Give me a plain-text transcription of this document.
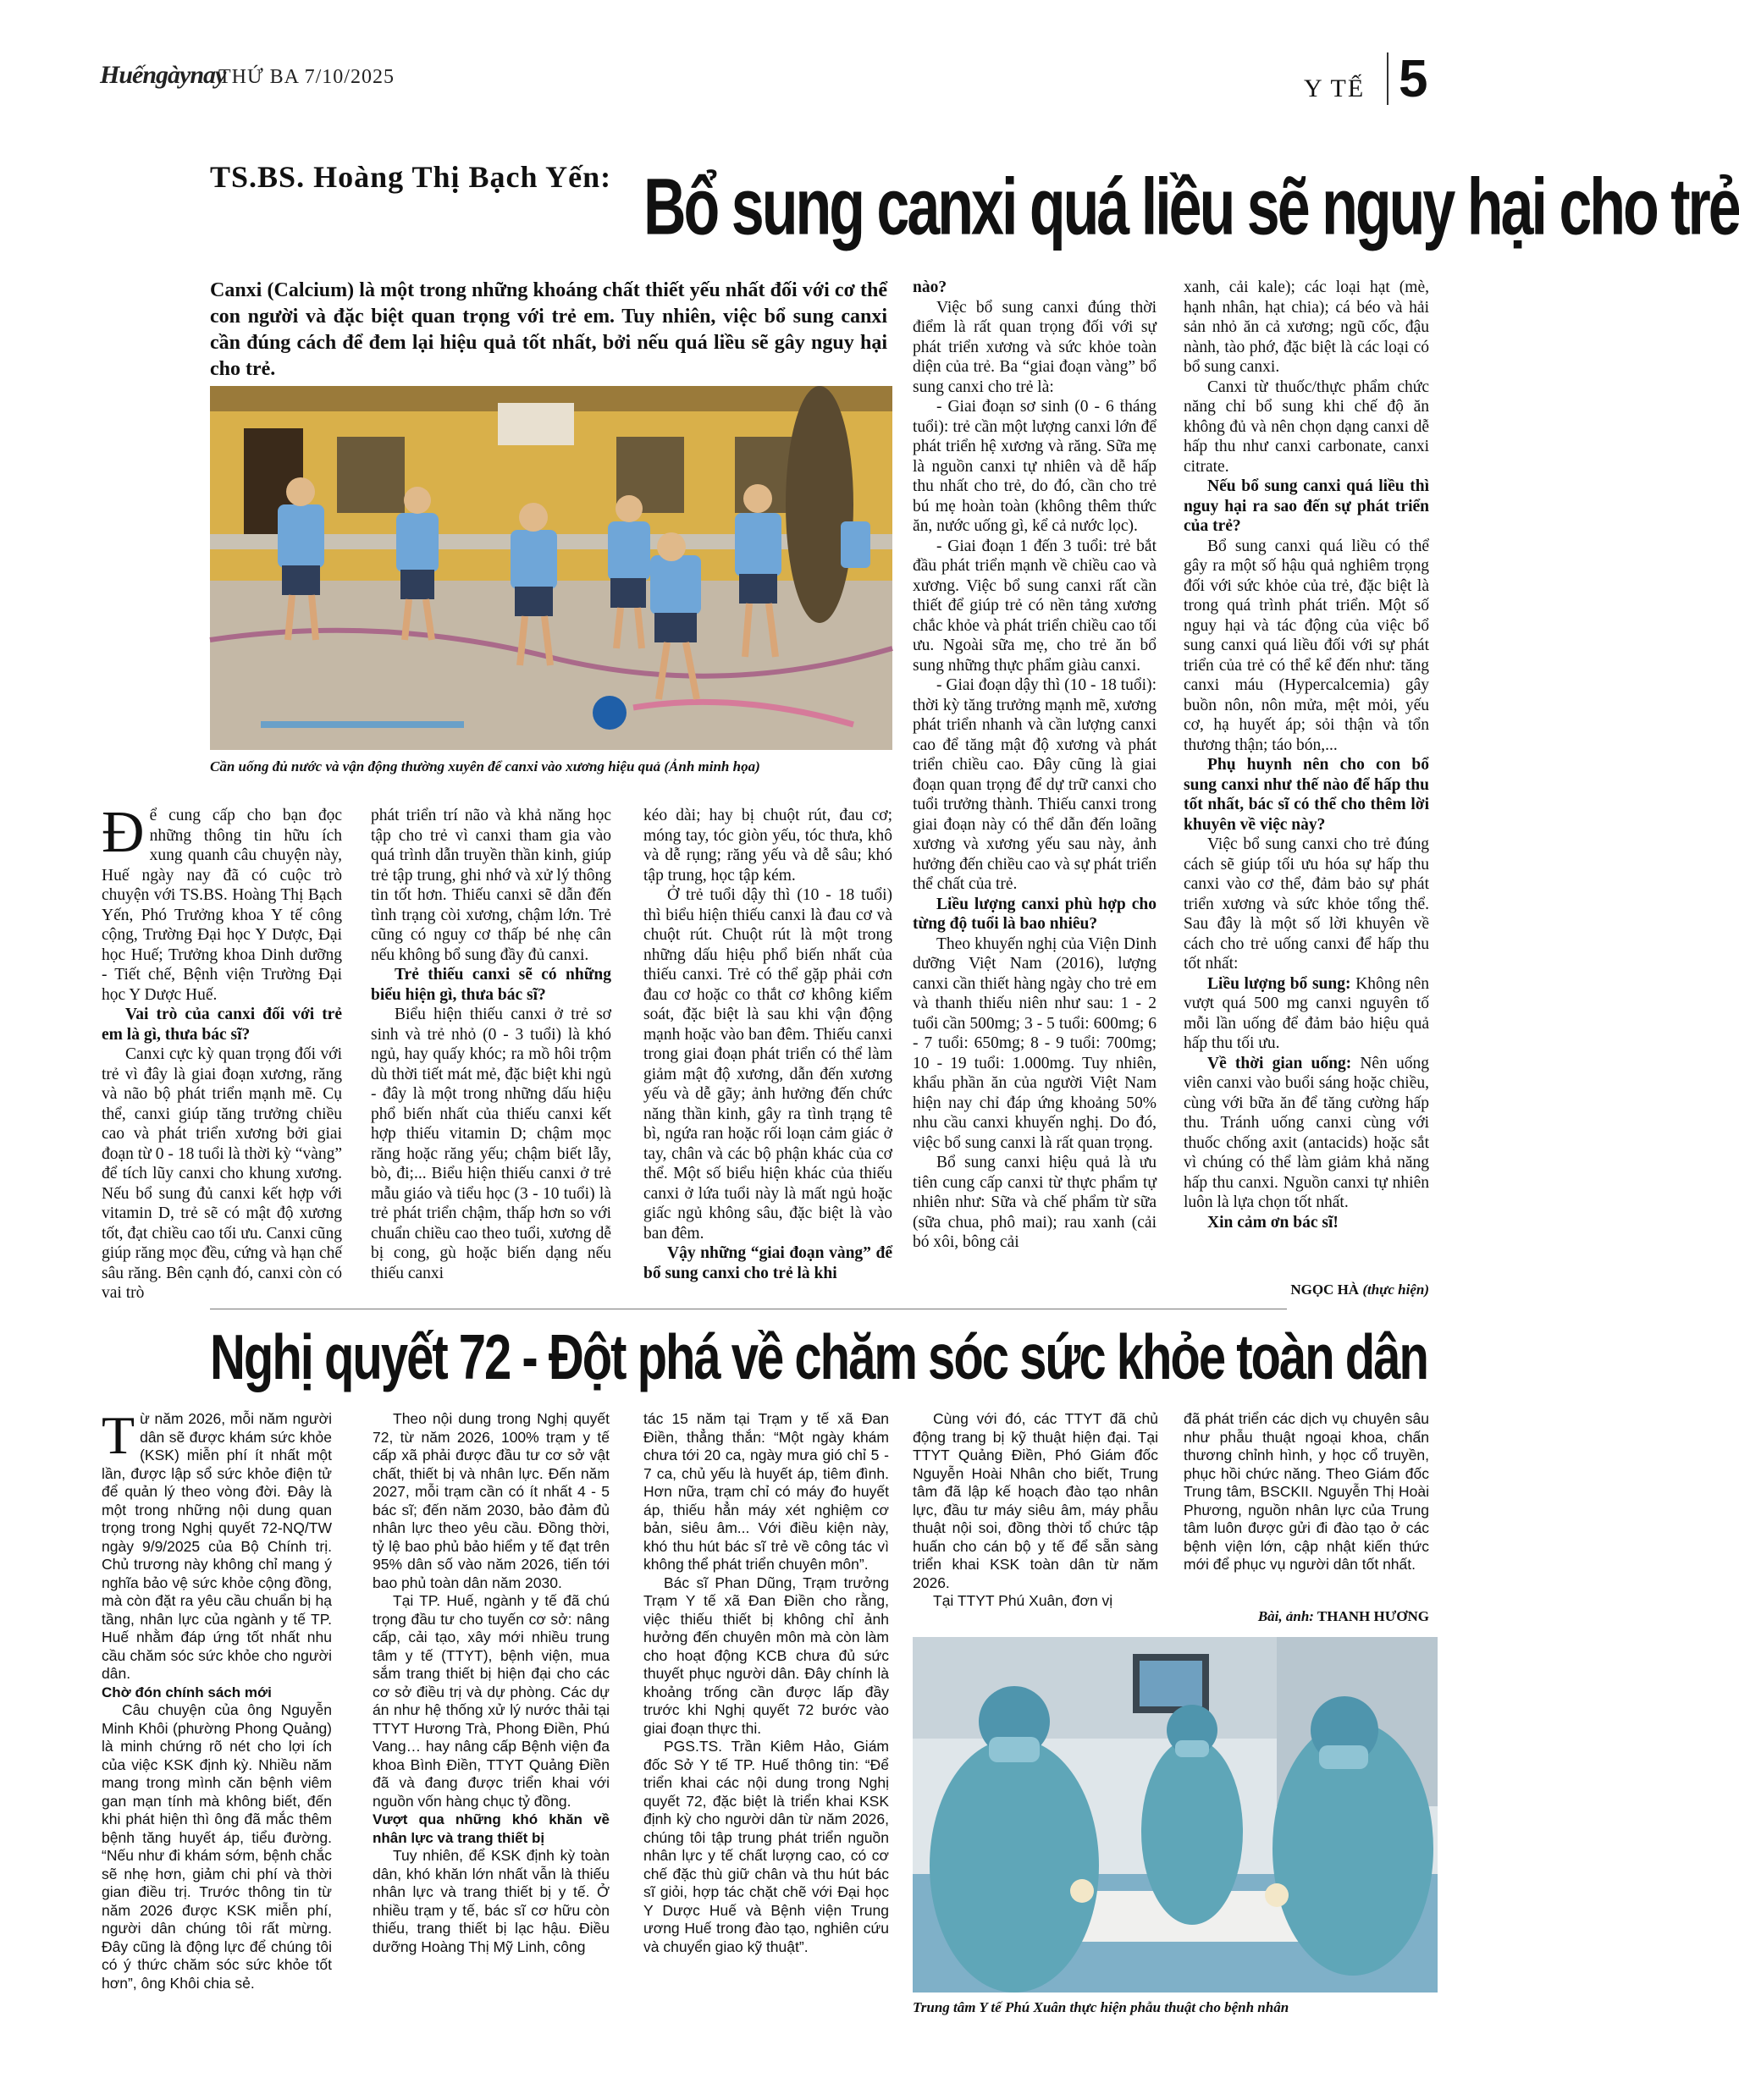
Huếngàynay
THỨ BA 7/10/2025	Y TẾ 5
TS.BS. Hoàng Thị Bạch Yến: Bổ sung canxi quá liều sẽ nguy hại cho trẻ
Canxi (Calcium) là một trong những khoáng chất thiết yếu nhất đối với cơ thể con người và đặc biệt quan trọng với trẻ em. Tuy nhiên, việc bổ sung canxi cần đúng cách để đem lại hiệu quả tốt nhất, bởi nếu quá liều sẽ gây nguy hại cho trẻ.
Cần uống đủ nước và vận động thường xuyên để canxi vào xương hiệu quả (Ảnh minh họa)

Để cung cấp cho bạn đọc những thông tin hữu ích xung quanh câu chuyện này, Huế ngày nay đã có cuộc trò chuyện với TS.BS. Hoàng Thị Bạch Yến, Phó Trưởng khoa Y tế công cộng, Trường Đại học Y Dược, Đại học Huế; Trưởng khoa Dinh dưỡng - Tiết chế, Bệnh viện Trường Đại học Y Dược Huế.

Vai trò của canxi đối với trẻ em là gì, thưa bác sĩ?

Canxi cực kỳ quan trọng đối với trẻ vì đây là giai đoạn xương, răng và não bộ phát triển mạnh mẽ. Cụ thể, canxi giúp tăng trưởng chiều cao và phát triển xương bởi giai đoạn từ 0 - 18 tuổi là thời kỳ “vàng” để tích lũy canxi cho khung xương. Nếu bổ sung đủ canxi kết hợp với vitamin D, trẻ sẽ có mật độ xương tốt, đạt chiều cao tối ưu. Canxi cũng giúp răng mọc đều, cứng và hạn chế sâu răng. Bên cạnh đó, canxi còn có vai trò

phát triển trí não và khả năng học tập cho trẻ vì canxi tham gia vào quá trình dẫn truyền thần kinh, giúp trẻ tập trung, ghi nhớ và xử lý thông tin tốt hơn. Thiếu canxi sẽ dẫn đến tình trạng còi xương, chậm lớn. Trẻ cũng có nguy cơ thấp bé nhẹ cân nếu không bổ sung đầy đủ canxi.

Trẻ thiếu canxi sẽ có những biểu hiện gì, thưa bác sĩ?

Biểu hiện thiếu canxi ở trẻ sơ sinh và trẻ nhỏ (0 - 3 tuổi) là khó ngủ, hay quấy khóc; ra mồ hôi trộm dù thời tiết mát mẻ, đặc biệt khi ngủ - đây là một trong những dấu hiệu phổ biến nhất của thiếu canxi kết hợp thiếu vitamin D; chậm mọc răng hoặc răng yếu; chậm biết lẫy, bò, đi;... Biểu hiện thiếu canxi ở trẻ mẫu giáo và tiểu học (3 - 10 tuổi) là trẻ phát triển chậm, thấp hơn so với chuẩn chiều cao theo tuổi, xương dễ bị cong, gù hoặc biến dạng nếu thiếu canxi

kéo dài; hay bị chuột rút, đau cơ; móng tay, tóc giòn yếu, tóc thưa, khô và dễ rụng; răng yếu và dễ sâu; khó tập trung, học tập kém.

Ở trẻ tuổi dậy thì (10 - 18 tuổi) thì biểu hiện thiếu canxi là đau cơ và chuột rút. Chuột rút là một trong những dấu hiệu phổ biến nhất của thiếu canxi. Trẻ có thể gặp phải cơn đau cơ hoặc co thắt cơ không kiểm soát, đặc biệt là sau khi vận động mạnh hoặc vào ban đêm. Thiếu canxi trong giai đoạn phát triển có thể làm giảm mật độ xương, dẫn đến xương yếu và dễ gãy; ảnh hưởng đến chức năng thần kinh, gây ra tình trạng tê bì, ngứa ran hoặc rối loạn cảm giác ở tay, chân và các bộ phận khác của cơ thể. Một số biểu hiện khác của thiếu canxi ở lứa tuổi này là mất ngủ hoặc giấc ngủ không sâu, đặc biệt là vào ban đêm.

Vậy những “giai đoạn vàng” để bổ sung canxi cho trẻ là khi

nào?

Việc bổ sung canxi đúng thời điểm là rất quan trọng đối với sự phát triển xương và sức khỏe toàn diện của trẻ. Ba “giai đoạn vàng” bổ sung canxi cho trẻ là:

- Giai đoạn sơ sinh (0 - 6 tháng tuổi): trẻ cần một lượng canxi lớn để phát triển hệ xương và răng. Sữa mẹ là nguồn canxi tự nhiên và dễ hấp thu nhất cho trẻ, do đó, cần cho trẻ bú mẹ hoàn toàn (không thêm thức ăn, nước uống gì, kể cả nước lọc).

- Giai đoạn 1 đến 3 tuổi: trẻ bắt đầu phát triển mạnh về chiều cao và xương. Việc bổ sung canxi rất cần thiết để giúp trẻ có nền tảng xương chắc khỏe và phát triển chiều cao tối ưu. Ngoài sữa mẹ, cho trẻ ăn bổ sung những thực phẩm giàu canxi.

- Giai đoạn dậy thì (10 - 18 tuổi): thời kỳ tăng trưởng mạnh mẽ, xương phát triển nhanh và cần lượng canxi cao để tăng mật độ xương và phát triển chiều cao. Đây cũng là giai đoạn quan trọng để dự trữ canxi cho tuổi trưởng thành. Thiếu canxi trong giai đoạn này có thể dẫn đến loãng xương và xương yếu sau này, ảnh hưởng đến chiều cao và sự phát triển thể chất của trẻ.

Liều lượng canxi phù hợp cho từng độ tuổi là bao nhiêu?

Theo khuyến nghị của Viện Dinh dưỡng Việt Nam (2016), lượng canxi cần thiết hàng ngày cho trẻ em và thanh thiếu niên như sau: 1 - 2 tuổi cần 500mg; 3 - 5 tuổi: 600mg; 6 - 7 tuổi: 650mg; 8 - 9 tuổi: 700mg; 10 - 19 tuổi: 1.000mg. Tuy nhiên, khẩu phần ăn của người Việt Nam hiện nay chỉ đáp ứng khoảng 50% nhu cầu canxi khuyến nghị. Do đó, việc bổ sung canxi là rất quan trọng.

Bổ sung canxi hiệu quả là ưu tiên cung cấp canxi từ thực phẩm tự nhiên như: Sữa và chế phẩm từ sữa (sữa chua, phô mai); rau xanh (cải bó xôi, bông cải

xanh, cải kale); các loại hạt (mè, hạnh nhân, hạt chia); cá béo và hải sản nhỏ ăn cả xương; ngũ cốc, đậu nành, tào phớ, đặc biệt là các loại có bổ sung canxi.

Canxi từ thuốc/thực phẩm chức năng chỉ bổ sung khi chế độ ăn không đủ và nên chọn dạng canxi dễ hấp thu như canxi carbonate, canxi citrate.

Nếu bổ sung canxi quá liều thì nguy hại ra sao đến sự phát triển của trẻ?

Bổ sung canxi quá liều có thể gây ra một số hậu quả nghiêm trọng đối với sức khỏe của trẻ, đặc biệt là trong quá trình phát triển. Một số nguy hại và tác động của việc bổ sung canxi quá liều đối với sự phát triển của trẻ có thể kể đến như: tăng canxi máu (Hypercalcemia) gây buồn nôn, nôn mửa, mệt mỏi, yếu cơ, hạ huyết áp; sỏi thận và tổn thương thận; táo bón,...

Phụ huynh nên cho con bổ sung canxi như thế nào để hấp thu tốt nhất, bác sĩ có thể cho thêm lời khuyên về việc này?

Việc bổ sung canxi cho trẻ đúng cách sẽ giúp tối ưu hóa sự hấp thu canxi vào cơ thể, đảm bảo sự phát triển xương và sức khỏe tổng thể. Sau đây là một số lời khuyên về cách cho trẻ uống canxi để hấp thu tốt nhất:

Liều lượng bổ sung: Không nên vượt quá 500 mg canxi nguyên tố mỗi lần uống để đảm bảo hiệu quả hấp thu tối ưu.

Về thời gian uống: Nên uống viên canxi vào buổi sáng hoặc chiều, cùng với bữa ăn để tăng cường hấp thu. Tránh uống canxi cùng với thuốc chống axit (antacids) hoặc sắt vì chúng có thể làm giảm khả năng hấp thu canxi. Nguồn canxi tự nhiên luôn là lựa chọn tốt nhất.

Xin cảm ơn bác sĩ!

NGỌC HÀ (thực hiện)
Nghị quyết 72 - Đột phá về chăm sóc sức khỏe toàn dân

Từ năm 2026, mỗi năm người dân sẽ được khám sức khỏe (KSK) miễn phí ít nhất một lần, được lập sổ sức khỏe điện tử để quản lý theo vòng đời. Đây là một trong những nội dung quan trọng trong Nghị quyết 72-NQ/TW ngày 9/9/2025 của Bộ Chính trị. Chủ trương này không chỉ mang ý nghĩa bảo vệ sức khỏe cộng đồng, mà còn đặt ra yêu cầu chuẩn bị hạ tầng, nhân lực của ngành y tế TP. Huế nhằm đáp ứng tốt nhất nhu cầu chăm sóc sức khỏe cho người dân.

Chờ đón chính sách mới

Câu chuyện của ông Nguyễn Minh Khôi (phường Phong Quảng) là minh chứng rõ nét cho lợi ích của việc KSK định kỳ. Nhiều năm mang trong mình căn bệnh viêm gan mạn tính mà không biết, đến khi phát hiện thì ông đã mắc thêm bệnh tăng huyết áp, tiểu đường. “Nếu như đi khám sớm, bệnh chắc sẽ nhẹ hơn, giảm chi phí và thời gian điều trị. Trước thông tin từ năm 2026 được KSK miễn phí, người dân chúng tôi rất mừng. Đây cũng là động lực để chúng tôi có ý thức chăm sóc sức khỏe tốt hơn”, ông Khôi chia sẻ.

Theo nội dung trong Nghị quyết 72, từ năm 2026, 100% trạm y tế cấp xã phải được đầu tư cơ sở vật chất, thiết bị và nhân lực. Đến năm 2027, mỗi trạm cần có ít nhất 4 - 5 bác sĩ; đến năm 2030, bảo đảm đủ nhân lực theo yêu cầu. Đồng thời, tỷ lệ bao phủ bảo hiểm y tế đạt trên 95% dân số vào năm 2026, tiến tới bao phủ toàn dân năm 2030.

Tại TP. Huế, ngành y tế đã chú trọng đầu tư cho tuyến cơ sở: nâng cấp, cải tạo, xây mới nhiều trung tâm y tế (TTYT), bệnh viện, mua sắm trang thiết bị hiện đại cho các cơ sở điều trị và dự phòng. Các dự án như hệ thống xử lý nước thải tại TTYT Hương Trà, Phong Điền, Phú Vang… hay nâng cấp Bệnh viện đa khoa Bình Điền, TTYT Quảng Điền đã và đang được triển khai với nguồn vốn hàng chục tỷ đồng.

Vượt qua những khó khăn về nhân lực và trang thiết bị

Tuy nhiên, để KSK định kỳ toàn dân, khó khăn lớn nhất vẫn là thiếu nhân lực và trang thiết bị y tế. Ở nhiều trạm y tế, bác sĩ cơ hữu còn thiếu, trang thiết bị lạc hậu. Điều dưỡng Hoàng Thị Mỹ Linh, công

tác 15 năm tại Trạm y tế xã Đan Điền, thẳng thắn: “Một ngày khám chưa tới 20 ca, ngày mưa gió chỉ 5 - 7 ca, chủ yếu là huyết áp, tiêm đình. Hơn nữa, trạm chỉ có máy đo huyết áp, thiếu hẳn máy xét nghiệm cơ bản, siêu âm... Với điều kiện này, khó thu hút bác sĩ trẻ về công tác vì không thể phát triển chuyên môn”.

Bác sĩ Phan Dũng, Trạm trưởng Trạm Y tế xã Đan Điền cho rằng, việc thiếu thiết bị không chỉ ảnh hưởng đến chuyên môn mà còn làm cho hoạt động KCB chưa đủ sức thuyết phục người dân. Đây chính là khoảng trống cần được lấp đầy trước khi Nghị quyết 72 bước vào giai đoạn thực thi.

PGS.TS. Trần Kiêm Hảo, Giám đốc Sở Y tế TP. Huế thông tin: “Để triển khai các nội dung trong Nghị quyết 72, đặc biệt là triển khai KSK định kỳ cho người dân từ năm 2026, chúng tôi tập trung phát triển nguồn nhân lực y tế chất lượng cao, có cơ chế đặc thù giữ chân và thu hút bác sĩ giỏi, hợp tác chặt chẽ với Đại học Y Dược Huế và Bệnh viện Trung ương Huế trong đào tạo, nghiên cứu và chuyển giao kỹ thuật”.

Cùng với đó, các TTYT đã chủ động trang bị kỹ thuật hiện đại. Tại TTYT Quảng Điền, Phó Giám đốc Nguyễn Hoài Nhân cho biết, Trung tâm đã lập kế hoạch đào tạo nhân lực, đầu tư máy siêu âm, máy phẫu thuật nội soi, đồng thời tổ chức tập huấn cho cán bộ y tế để sẵn sàng triển khai KSK toàn dân từ năm 2026.

Tại TTYT Phú Xuân, đơn vị

đã phát triển các dịch vụ chuyên sâu như phẫu thuật ngoại khoa, chấn thương chỉnh hình, y học cổ truyền, phục hồi chức năng. Theo Giám đốc Trung tâm, BSCKII. Nguyễn Thị Hoài Phương, nguồn nhân lực của Trung tâm luôn được gửi đi đào tạo ở các bệnh viện lớn, cập nhật kiến thức mới để phục vụ người dân tốt nhất.

Bài, ảnh: THANH HƯƠNG
Trung tâm Y tế Phú Xuân thực hiện phẫu thuật cho bệnh nhân
